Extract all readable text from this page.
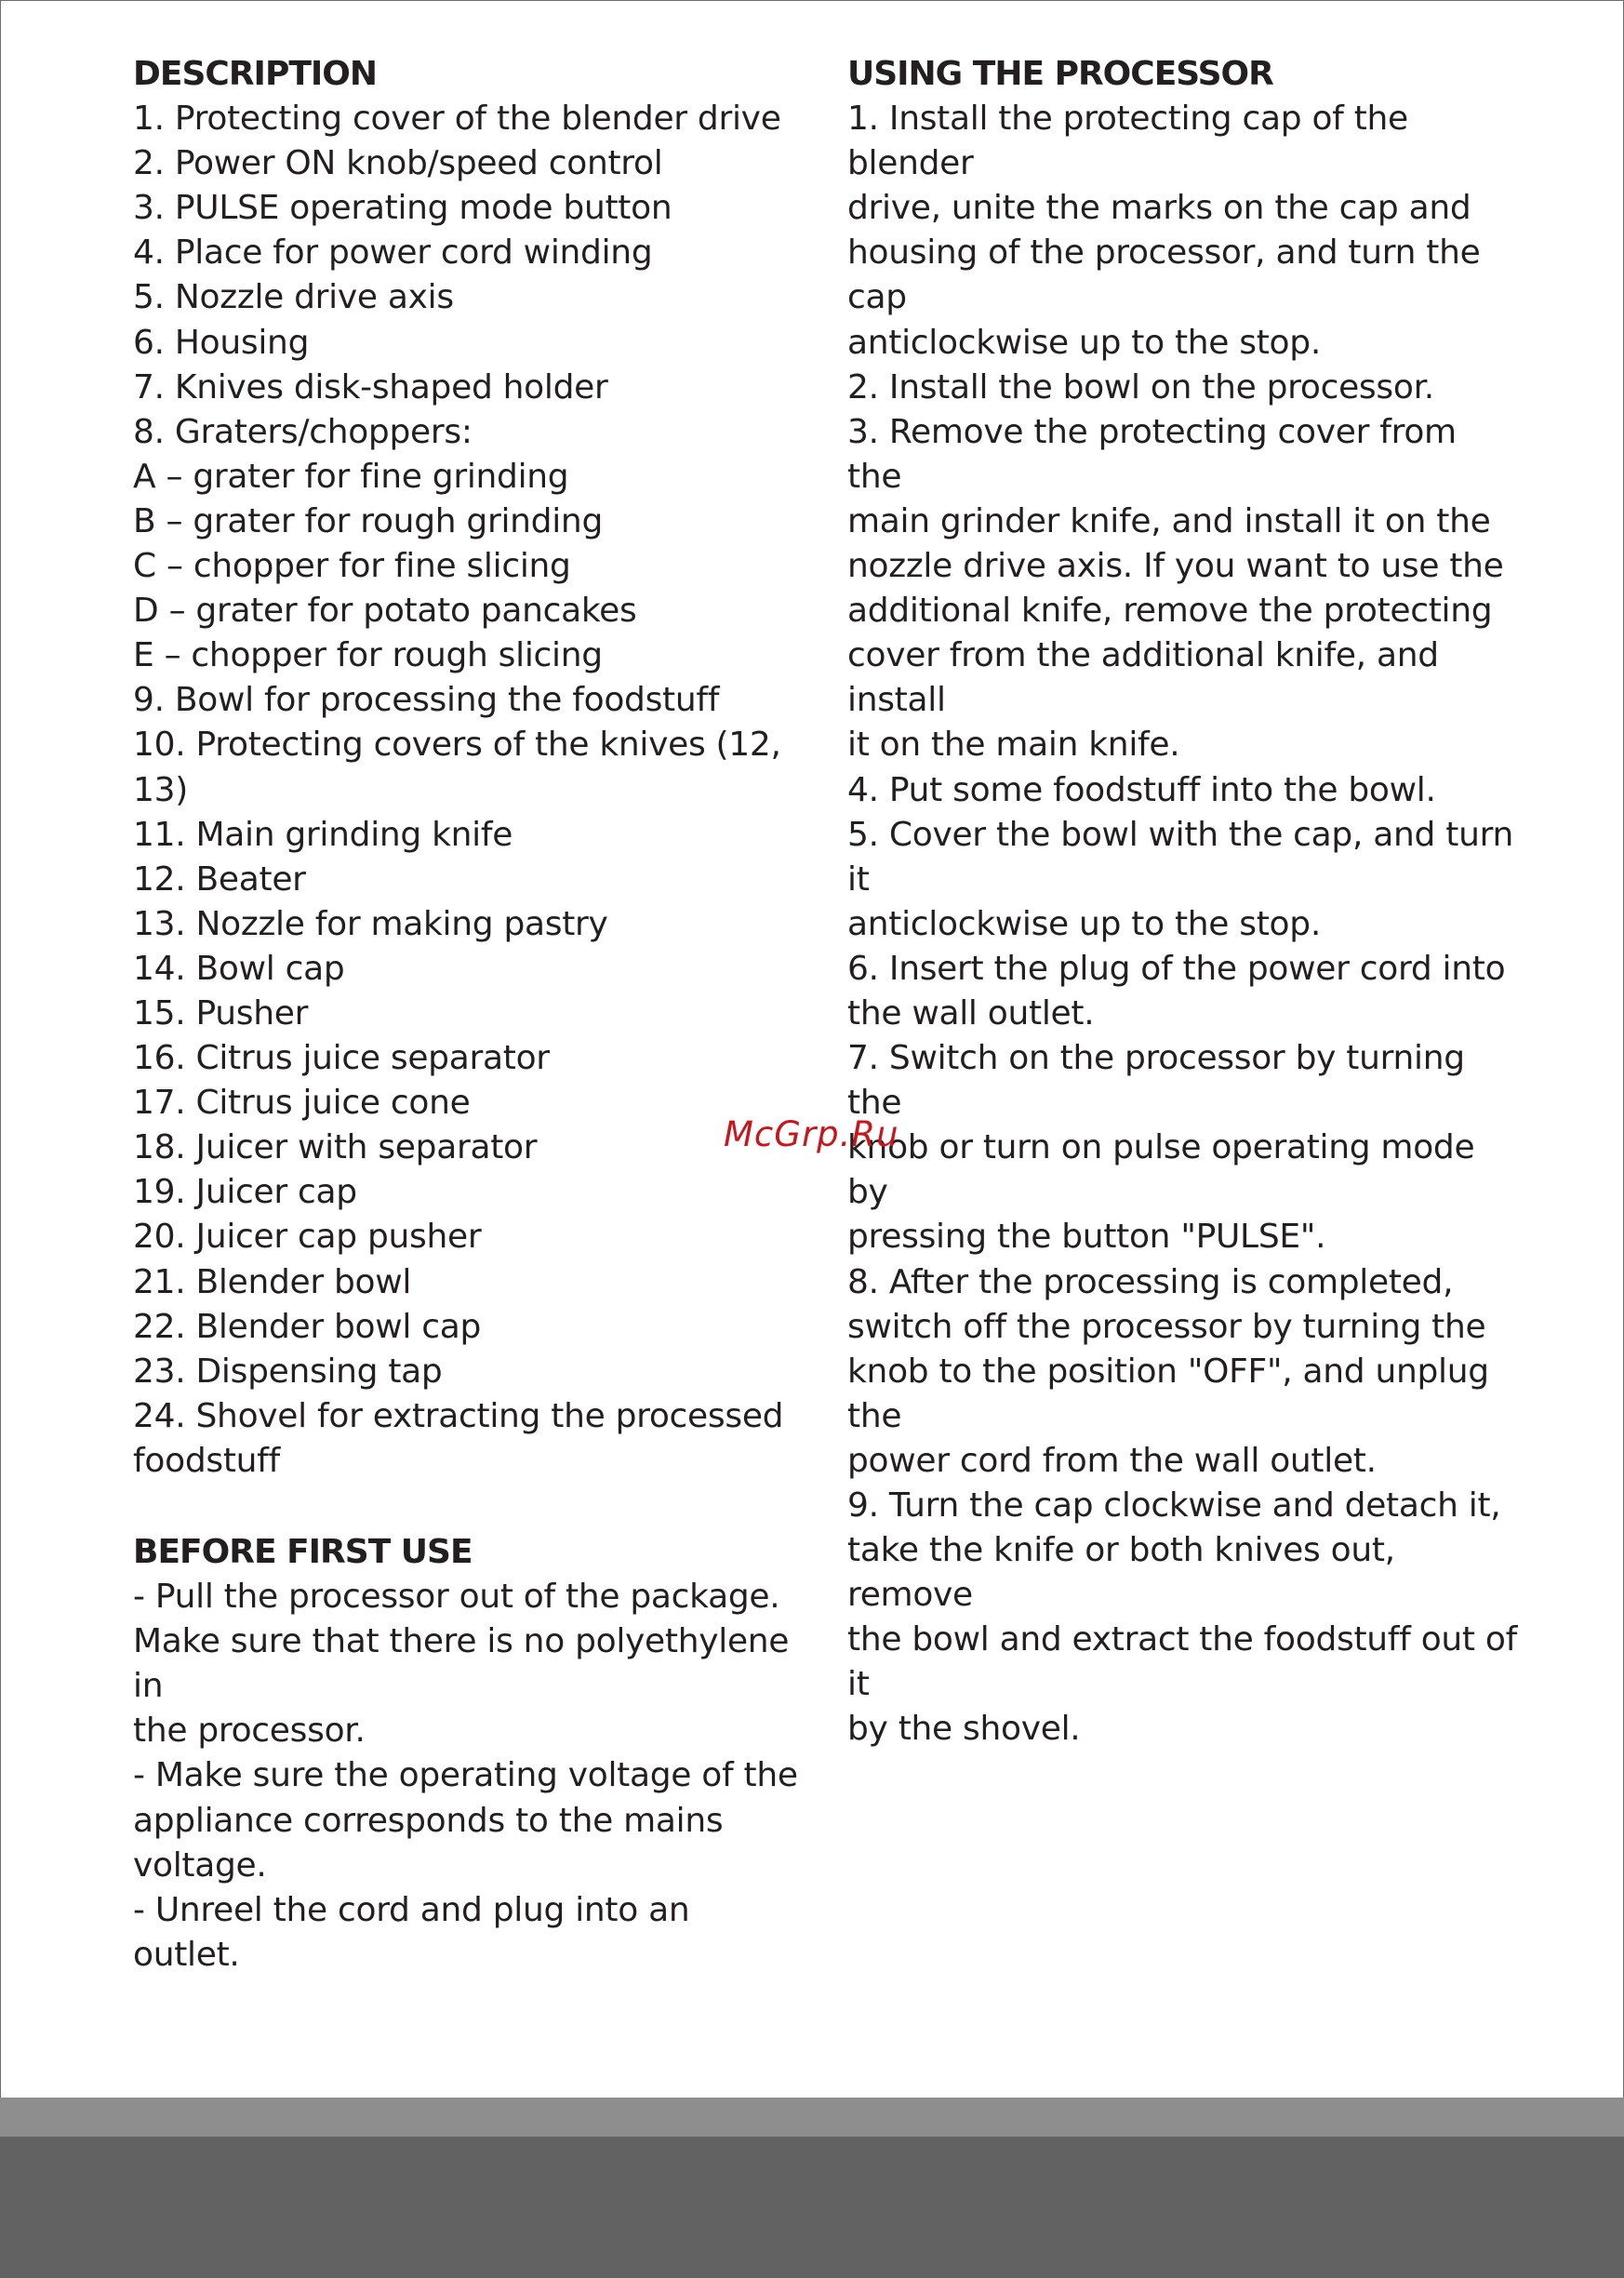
DESCRIPTION
1. Protecting cover of the blender drive
2. Power ON knob/speed control
3. PULSE operating mode button
4. Place for power cord winding
5. Nozzle drive axis
6. Housing
7. Knives disk-shaped holder
8. Graters/choppers:
A – grater for fine grinding
B – grater for rough grinding
C – chopper for fine slicing
D – grater for potato pancakes
E – chopper for rough slicing
9. Bowl for processing the foodstuff
10. Protecting covers of the knives (12, 13)
11. Main grinding knife
12. Beater
13. Nozzle for making pastry
14. Bowl cap
15. Pusher
16. Citrus juice separator
17. Citrus juice cone
18. Juicer with separator
19. Juicer cap
20. Juicer cap pusher
21. Blender bowl
22. Blender bowl cap
23. Dispensing tap
24. Shovel for extracting the processed
foodstuff
BEFORE FIRST USE
- Pull the processor out of the package.
Make sure that there is no polyethylene in
the processor.
- Make sure the operating voltage of the
appliance corresponds to the mains
voltage.
- Unreel the cord and plug into an outlet.
USING THE PROCESSOR
1. Install the protecting cap of the blender
drive, unite the marks on the cap and
housing of the processor, and turn the cap
anticlockwise up to the stop.
2. Install the bowl on the processor.
3. Remove the protecting cover from the
main grinder knife, and install it on the
nozzle drive axis. If you want to use the
additional knife, remove the protecting
cover from the additional knife, and install
it on the main knife.
4. Put some foodstuff into the bowl.
5. Cover the bowl with the cap, and turn it
anticlockwise up to the stop.
6. Insert the plug of the power cord into
the wall outlet.
7. Switch on the processor by turning the
knob or turn on pulse operating mode by
pressing the button "PULSE".
8. After the processing is completed,
switch off the processor by turning the
knob to the position "OFF", and unplug the
power cord from the wall outlet.
9. Turn the cap clockwise and detach it,
take the knife or both knives out, remove
the bowl and extract the foodstuff out of it
by the shovel.
McGrp.Ru
